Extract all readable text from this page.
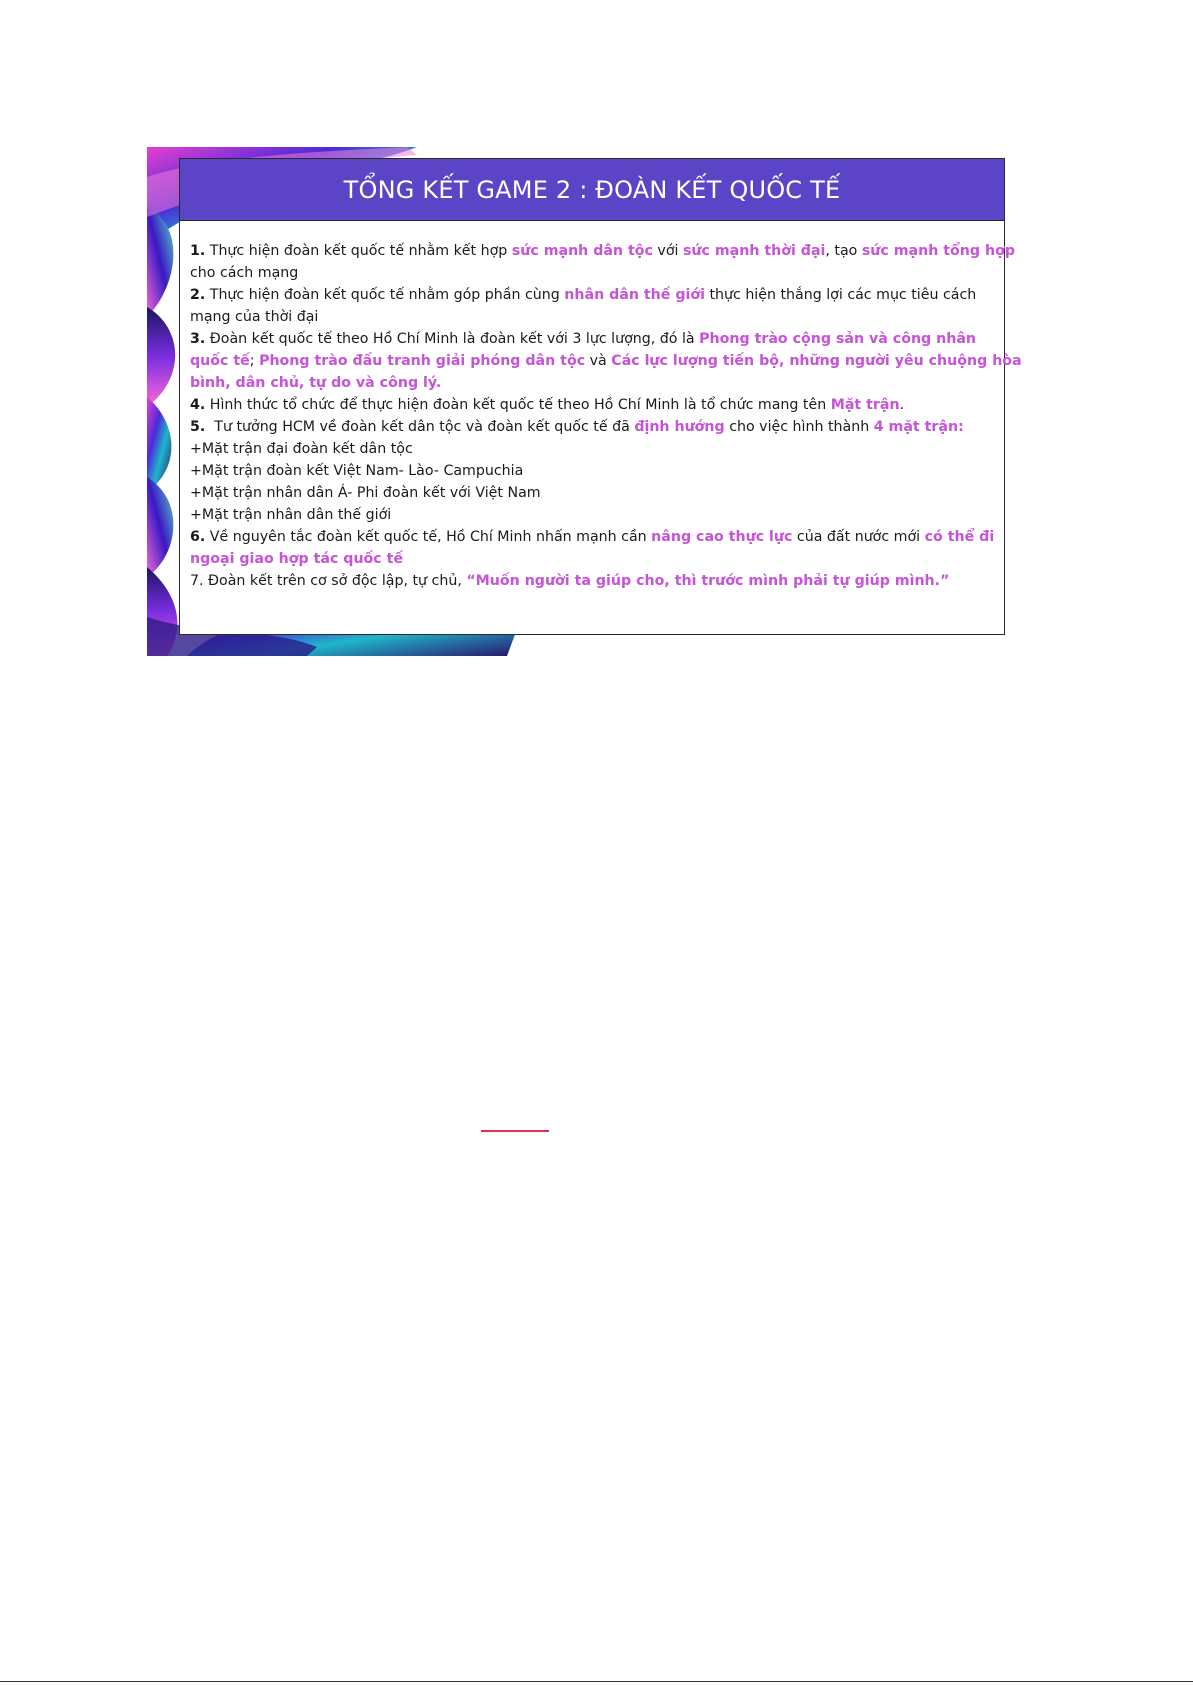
TỔNG KẾT GAME 2 : ĐOÀN KẾT QUỐC TẾ
1. Thực hiện đoàn kết quốc tế nhằm kết hợp sức mạnh dân tộc với sức mạnh thời đại, tạo sức mạnh tổng hợp
cho cách mạng
2. Thực hiện đoàn kết quốc tế nhằm góp phần cùng nhân dân thế giới thực hiện thắng lợi các mục tiêu cách
mạng của thời đại
3. Đoàn kết quốc tế theo Hồ Chí Minh là đoàn kết với 3 lực lượng, đó là Phong trào cộng sản và công nhân
quốc tế; Phong trào đấu tranh giải phóng dân tộc và Các lực lượng tiến bộ, những người yêu chuộng hòa
bình, dân chủ, tự do và công lý.
4. Hình thức tổ chức để thực hiện đoàn kết quốc tế theo Hồ Chí Minh là tổ chức mang tên Mặt trận.
5.  Tư tưởng HCM về đoàn kết dân tộc và đoàn kết quốc tế đã định hướng cho việc hình thành 4 mặt trận:
+Mặt trận đại đoàn kết dân tộc
+Mặt trận đoàn kết Việt Nam- Lào- Campuchia
+Mặt trận nhân dân Á- Phi đoàn kết với Việt Nam
+Mặt trận nhân dân thế giới
6. Về nguyên tắc đoàn kết quốc tế, Hồ Chí Minh nhấn mạnh cần nâng cao thực lực của đất nước mới có thể đi
ngoại giao hợp tác quốc tế
7. Đoàn kết trên cơ sở độc lập, tự chủ, “Muốn người ta giúp cho, thì trước mình phải tự giúp mình.”
